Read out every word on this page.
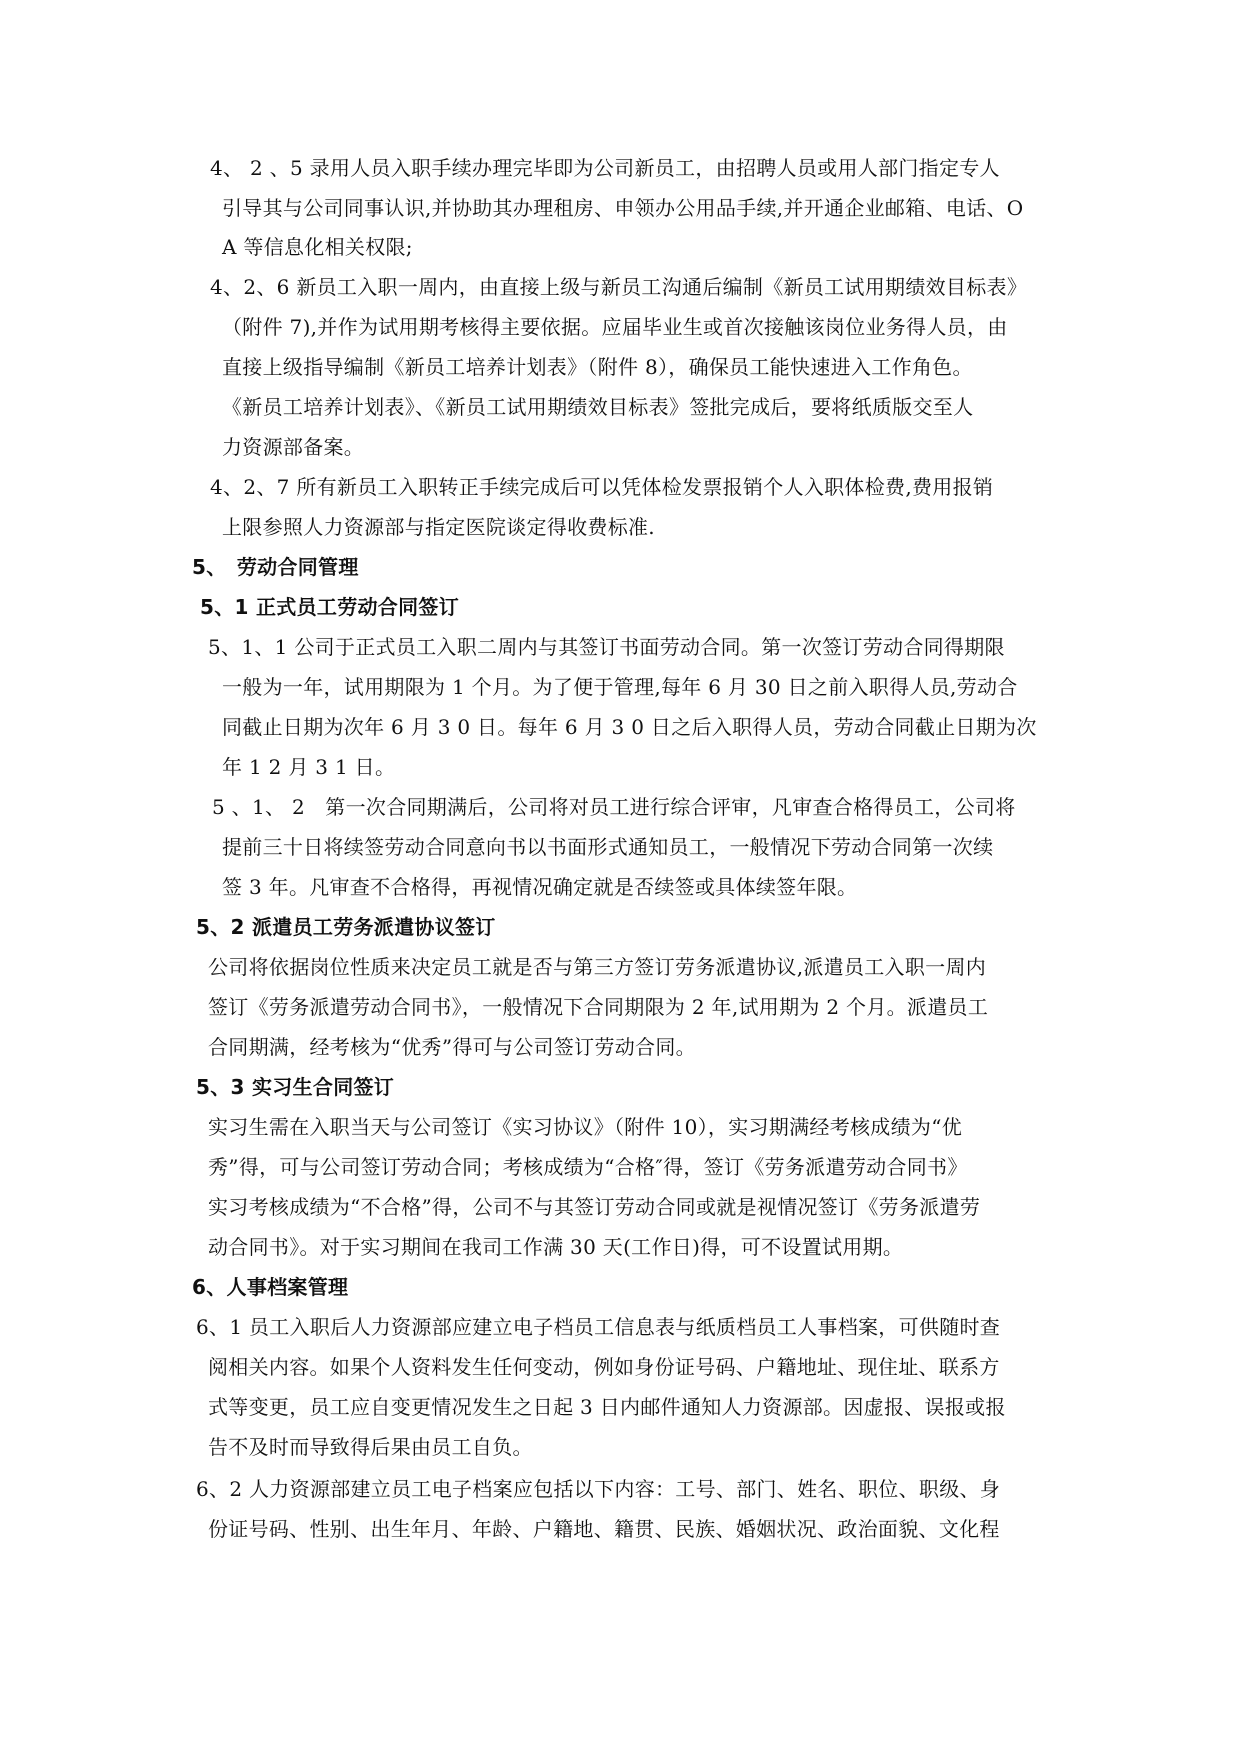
4、 2 、5 录用人员入职手续办理完毕即为公司新员工，由招聘人员或用人部门指定专人
引导其与公司同事认识,并协助其办理租房、申领办公用品手续,并开通企业邮箱、电话、O
A 等信息化相关权限;
4、2、6 新员工入职一周内，由直接上级与新员工沟通后编制《新员工试用期绩效目标表》
（附件 7),并作为试用期考核得主要依据。应届毕业生或首次接触该岗位业务得人员，由
直接上级指导编制《新员工培养计划表》（附件 8），确保员工能快速进入工作角色。
《新员工培养计划表》、《新员工试用期绩效目标表》签批完成后，要将纸质版交至人
力资源部备案。
4、2、7 所有新员工入职转正手续完成后可以凭体检发票报销个人入职体检费,费用报销
上限参照人力资源部与指定医院谈定得收费标准.
5、　劳动合同管理
5、1 正式员工劳动合同签订
5、1、1 公司于正式员工入职二周内与其签订书面劳动合同。第一次签订劳动合同得期限
一般为一年，试用期限为 1 个月。为了便于管理,每年 6 月 30 日之前入职得人员,劳动合
同截止日期为次年 6 月 3 0 日。每年 6 月 3 0 日之后入职得人员，劳动合同截止日期为次
年 1 2 月 3 1 日。
5 、1、 2　第一次合同期满后，公司将对员工进行综合评审，凡审查合格得员工，公司将
提前三十日将续签劳动合同意向书以书面形式通知员工，一般情况下劳动合同第一次续
签 3 年。凡审查不合格得，再视情况确定就是否续签或具体续签年限。
5、2 派遣员工劳务派遣协议签订
公司将依据岗位性质来决定员工就是否与第三方签订劳务派遣协议,派遣员工入职一周内
签订《劳务派遣劳动合同书》，一般情况下合同期限为 2 年,试用期为 2 个月。派遣员工
合同期满，经考核为“优秀”得可与公司签订劳动合同。
5、3 实习生合同签订
实习生需在入职当天与公司签订《实习协议》（附件 10），实习期满经考核成绩为“优
秀”得，可与公司签订劳动合同；考核成绩为“合格″得，签订《劳务派遣劳动合同书》
实习考核成绩为“不合格”得，公司不与其签订劳动合同或就是视情况签订《劳务派遣劳
动合同书》。对于实习期间在我司工作满 30 天(工作日)得，可不设置试用期。
6、人事档案管理
6、1 员工入职后人力资源部应建立电子档员工信息表与纸质档员工人事档案，可供随时查
阅相关内容。如果个人资料发生任何变动，例如身份证号码、户籍地址、现住址、联系方
式等变更，员工应自变更情况发生之日起 3 日内邮件通知人力资源部。因虚报、误报或报
告不及时而导致得后果由员工自负。
6、2 人力资源部建立员工电子档案应包括以下内容：工号、部门、姓名、职位、职级、身
份证号码、性别、出生年月、年龄、户籍地、籍贯、民族、婚姻状况、政治面貌、文化程
